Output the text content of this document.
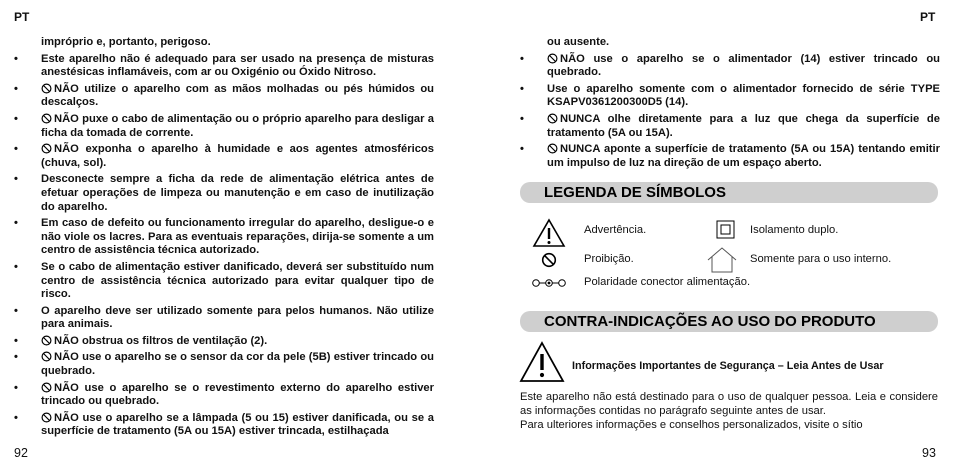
PT	PT
impróprio e, portanto, perigoso.
• Este aparelho não é adequado para ser usado na presença de misturas anestésicas inflamáveis, com ar ou Oxigénio ou Óxido Nitroso.
•	NÃO utilize o aparelho com as mãos molhadas ou pés húmidos ou descalços.
•	NÃO puxe o cabo de alimentação ou o próprio aparelho para desligar a ficha da tomada de corrente.
•	NÃO exponha o aparelho à humidade e aos agentes atmosféricos (chuva, sol).
• Desconecte sempre a ficha da rede de alimentação elétrica antes de efetuar operações de limpeza ou manutenção e em caso de inutilização do aparelho.
• Em caso de defeito ou funcionamento irregular do aparelho, desligue-o e não viole os lacres. Para as eventuais reparações, dirija-se somente a um centro de assistência técnica autorizado.
• Se o cabo de alimentação estiver danificado, deverá ser substituído num centro de assistência técnica autorizado para evitar qualquer tipo de risco.
• O aparelho deve ser utilizado somente para pelos humanos. Não utilize para animais.
•	NÃO obstrua os filtros de ventilação (2).
•	NÃO use o aparelho se o sensor da cor da pele (5B) estiver trincado ou quebrado.
•	NÃO use o aparelho se o revestimento externo do aparelho estiver trincado ou quebrado.
•	NÃO use o aparelho se a lâmpada (5 ou 15) estiver danificada, ou se a superfície de tratamento (5A ou 15A) estiver trincada, estilhaçada
ou ausente.
•	NÃO use o aparelho se o alimentador (14) estiver trincado ou quebrado.
• Use o aparelho somente com o alimentador fornecido de série TYPE KSAPV0361200300D5 (14).
•	NUNCA olhe diretamente para a luz que chega da superfície de tratamento (5A ou 15A).
•	NUNCA aponte a superfície de tratamento (5A ou 15A) tentando emitir um impulso de luz na direção de um espaço aberto.
LEGENDA DE SÍMBOLOS
Advertência.	Isolamento duplo.
Proibição.	Somente para o uso interno.
Polaridade conector alimentação.
CONTRA-INDICAÇÕES AO USO DO PRODUTO
Informações Importantes de Segurança – Leia Antes de Usar

Este aparelho não está destinado para o uso de qualquer pessoa. Leia e considere as informações contidas no parágrafo seguinte antes de usar.

Para ulteriores informações e conselhos personalizados, visite o sítio

92	93
